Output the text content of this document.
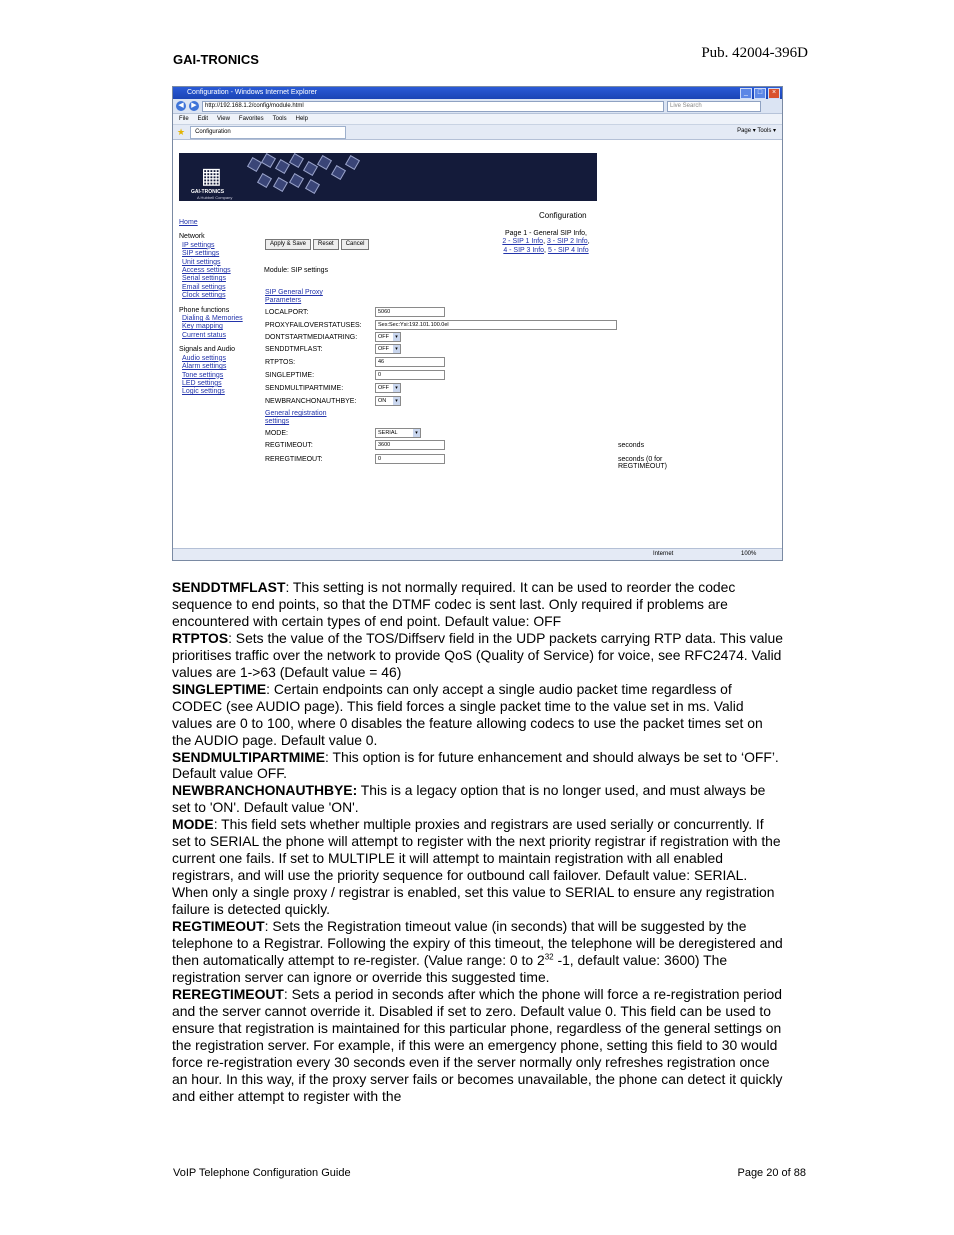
GAI-TRONICS	Pub. 42004-396D
Configuration - Windows Internet Explorer	_	□	×
◀	▶	http://192.168.1.2/config/module.html	Live Search
File Edit View Favorites Tools Help
★	Configuration	Page ▾ Tools ▾
▦
GAI-TRONICS
A Hubbell Company
Configuration
Home
Network
IP settings
SIP settings
Unit settings
Access settings
Serial settings
Email settings
Clock settings
Phone functions
Dialing & Memories
Key mapping
Current status
Signals and Audio
Audio settings
Alarm settings
Tone settings
LED settings
Logic settings
Apply & Save	Reset	Cancel
Page 1 - General SIP Info,
2 - SIP 1 Info, 3 - SIP 2 Info,
4 - SIP 3 Info, 5 - SIP 4 Info
Module: SIP settings
SIP General Proxy
Parameters
LOCALPORT:	5060
PROXYFAILOVERSTATUSES:	Ses:Sec:Ysi:192.101.100.0el
DONTSTARTMEDIAATRING:	OFF	▾
SENDDTMFLAST:	OFF	▾
RTPTOS:	46
SINGLEPTIME:	0
SENDMULTIPARTMIME:	OFF	▾
NEWBRANCHONAUTHBYE:	ON	▾
General registration
settings
MODE:	SERIAL	▾
REGTIMEOUT:	3600	seconds
REREGTIMEOUT:	0	seconds (0 for REGTIMEOUT)
Internet	100%

SENDDTMFLAST: This setting is not normally required. It can be used to reorder the codec sequence to end points, so that the DTMF codec is sent last. Only required if problems are encountered with certain types of end point. Default value: OFF

RTPTOS: Sets the value of the TOS/Diffserv field in the UDP packets carrying RTP data. This value prioritises traffic over the network to provide QoS (Quality of Service) for voice, see RFC2474. Valid values are 1->63 (Default value = 46)

SINGLEPTIME: Certain endpoints can only accept a single audio packet time regardless of CODEC (see AUDIO page). This field forces a single packet time to the value set in ms. Valid values are 0 to 100, where 0 disables the feature allowing codecs to use the packet times set on the AUDIO page. Default value 0.

SENDMULTIPARTMIME: This option is for future enhancement and should always be set to ‘OFF’. Default value OFF.

NEWBRANCHONAUTHBYE: This is a legacy option that is no longer used, and must always be set to 'ON'. Default value 'ON'.

MODE: This field sets whether multiple proxies and registrars are used serially or concurrently. If set to SERIAL the phone will attempt to register with the next priority registrar if registration with the current one fails. If set to MULTIPLE it will attempt to maintain registration with all enabled registrars, and will use the priority sequence for outbound call failover. Default value: SERIAL. When only a single proxy / registrar is enabled, set this value to SERIAL to ensure any registration failure is detected quickly.

REGTIMEOUT: Sets the Registration timeout value (in seconds) that will be suggested by the telephone to a Registrar. Following the expiry of this timeout, the telephone will be deregistered and then automatically attempt to re-register. (Value range: 0 to $2^{32}$ -1, default value: 3600) The registration server can ignore or override this suggested time.

REREGTIMEOUT: Sets a period in seconds after which the phone will force a re-registration period and the server cannot override it. Disabled if set to zero. Default value 0. This field can be used to ensure that registration is maintained for this particular phone, regardless of the general settings on the registration server. For example, if this were an emergency phone, setting this field to 30 would force re-registration every 30 seconds even if the server normally only refreshes registration once an hour. In this way, if the proxy server fails or becomes unavailable, the phone can detect it quickly and either attempt to register with the

VoIP Telephone Configuration Guide	Page 20 of 88
